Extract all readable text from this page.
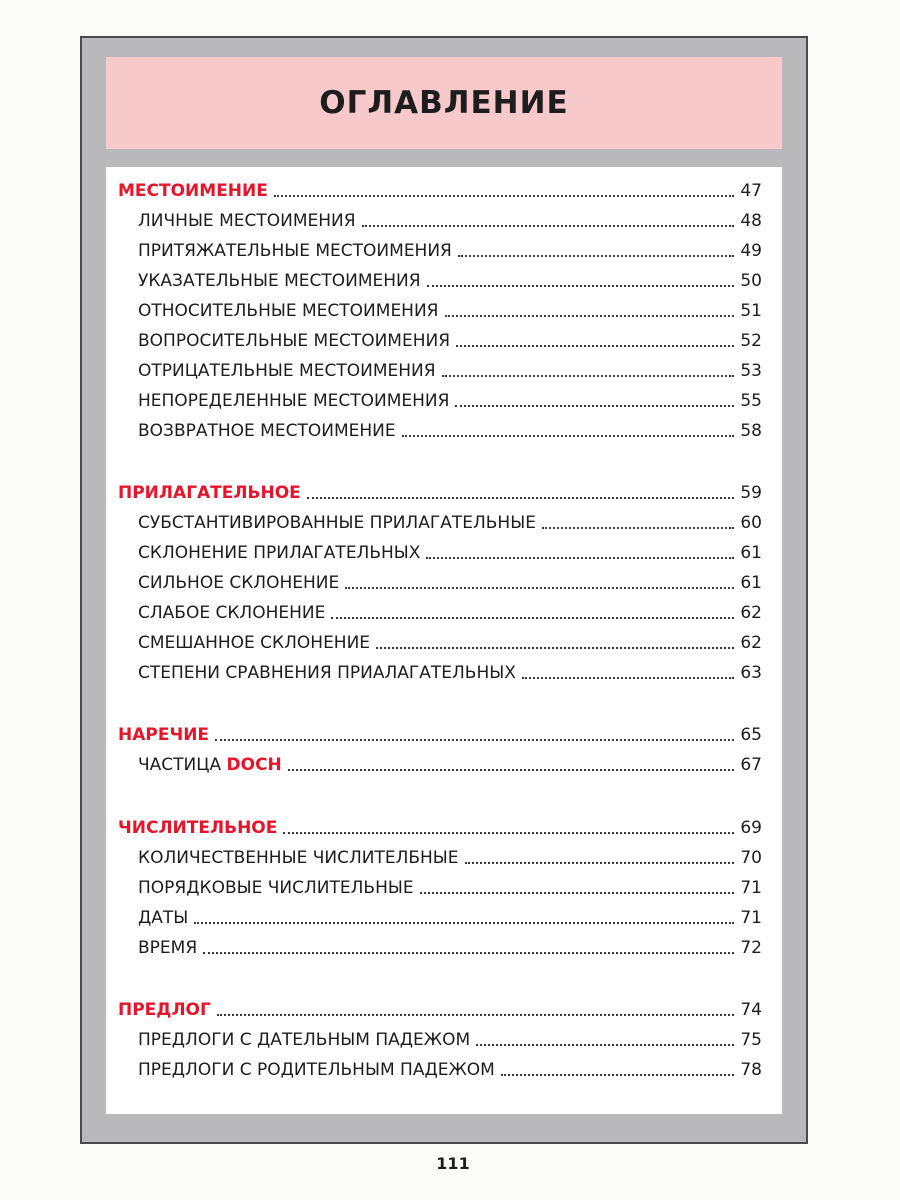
ОГЛАВЛЕНИЕ
МЕСТОИМЕНИЕ	47
ЛИЧНЫЕ МЕСТОИМЕНИЯ	48
ПРИТЯЖАТЕЛЬНЫЕ МЕСТОИМЕНИЯ	49
УКАЗАТЕЛЬНЫЕ МЕСТОИМЕНИЯ	50
ОТНОСИТЕЛЬНЫЕ МЕСТОИМЕНИЯ	51
ВОПРОСИТЕЛЬНЫЕ МЕСТОИМЕНИЯ	52
ОТРИЦАТЕЛЬНЫЕ МЕСТОИМЕНИЯ	53
НЕПОРЕДЕЛЕННЫЕ МЕСТОИМЕНИЯ	55
ВОЗВРАТНОЕ МЕСТОИМЕНИЕ	58
ПРИЛАГАТЕЛЬНОЕ	59
СУБСТАНТИВИРОВАННЫЕ ПРИЛАГАТЕЛЬНЫЕ	60
СКЛОНЕНИЕ ПРИЛАГАТЕЛЬНЫХ	61
СИЛЬНОЕ СКЛОНЕНИЕ	61
СЛАБОЕ СКЛОНЕНИЕ	62
СМЕШАННОЕ СКЛОНЕНИЕ	62
СТЕПЕНИ СРАВНЕНИЯ ПРИАЛАГАТЕЛЬНЫХ	63
НАРЕЧИЕ	65
ЧАСТИЦА DOCH	67
ЧИСЛИТЕЛЬНОЕ	69
КОЛИЧЕСТВЕННЫЕ ЧИСЛИТЕЛБНЫЕ	70
ПОРЯДКОВЫЕ ЧИСЛИТЕЛЬНЫЕ	71
ДАТЫ	71
ВРЕМЯ	72
ПРЕДЛОГ	74
ПРЕДЛОГИ С ДАТЕЛЬНЫМ ПАДЕЖОМ	75
ПРЕДЛОГИ С РОДИТЕЛЬНЫМ ПАДЕЖОМ	78
111
